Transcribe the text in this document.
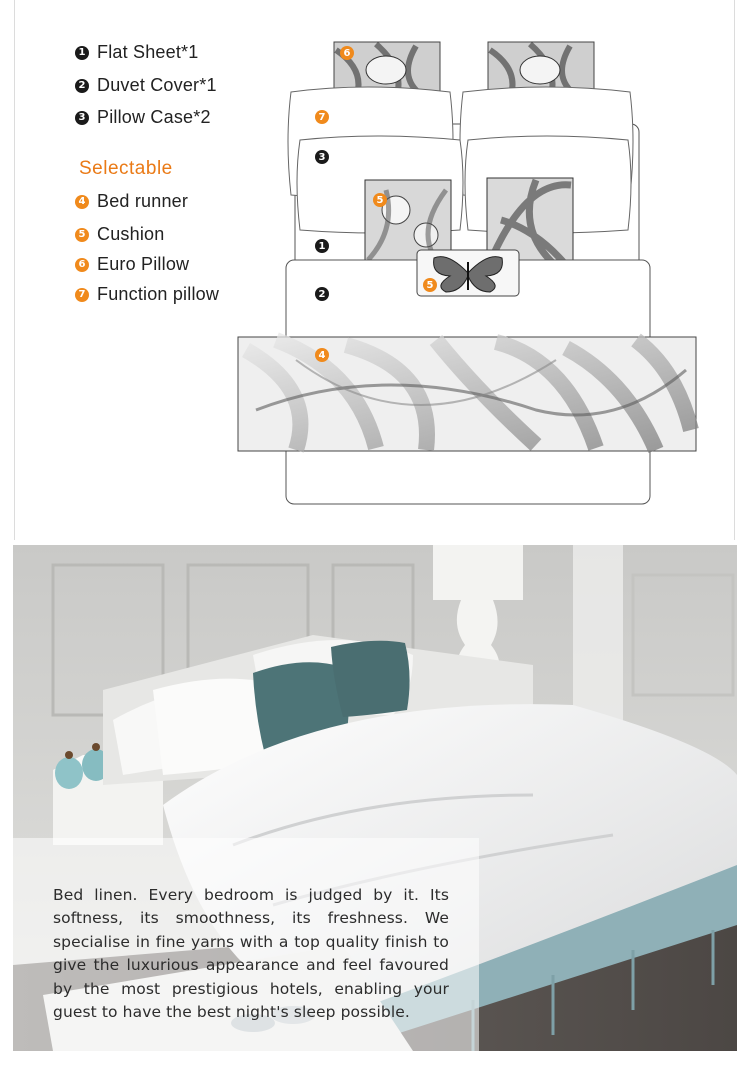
1 Flat Sheet*1
2 Duvet Cover*1
3 Pillow Case*2
Selectable
4 Bed runner
5 Cushion
6 Euro Pillow
7 Function pillow
6
7
3
5
1
5
2
4

Bed linen. Every bedroom is judged by it. Its softness, its smoothness, its freshness. We specialise in fine yarns with a top quality finish to give the luxurious appearance and feel favoured by the most prestigious hotels, enabling your guest to have the best night's sleep possible.
